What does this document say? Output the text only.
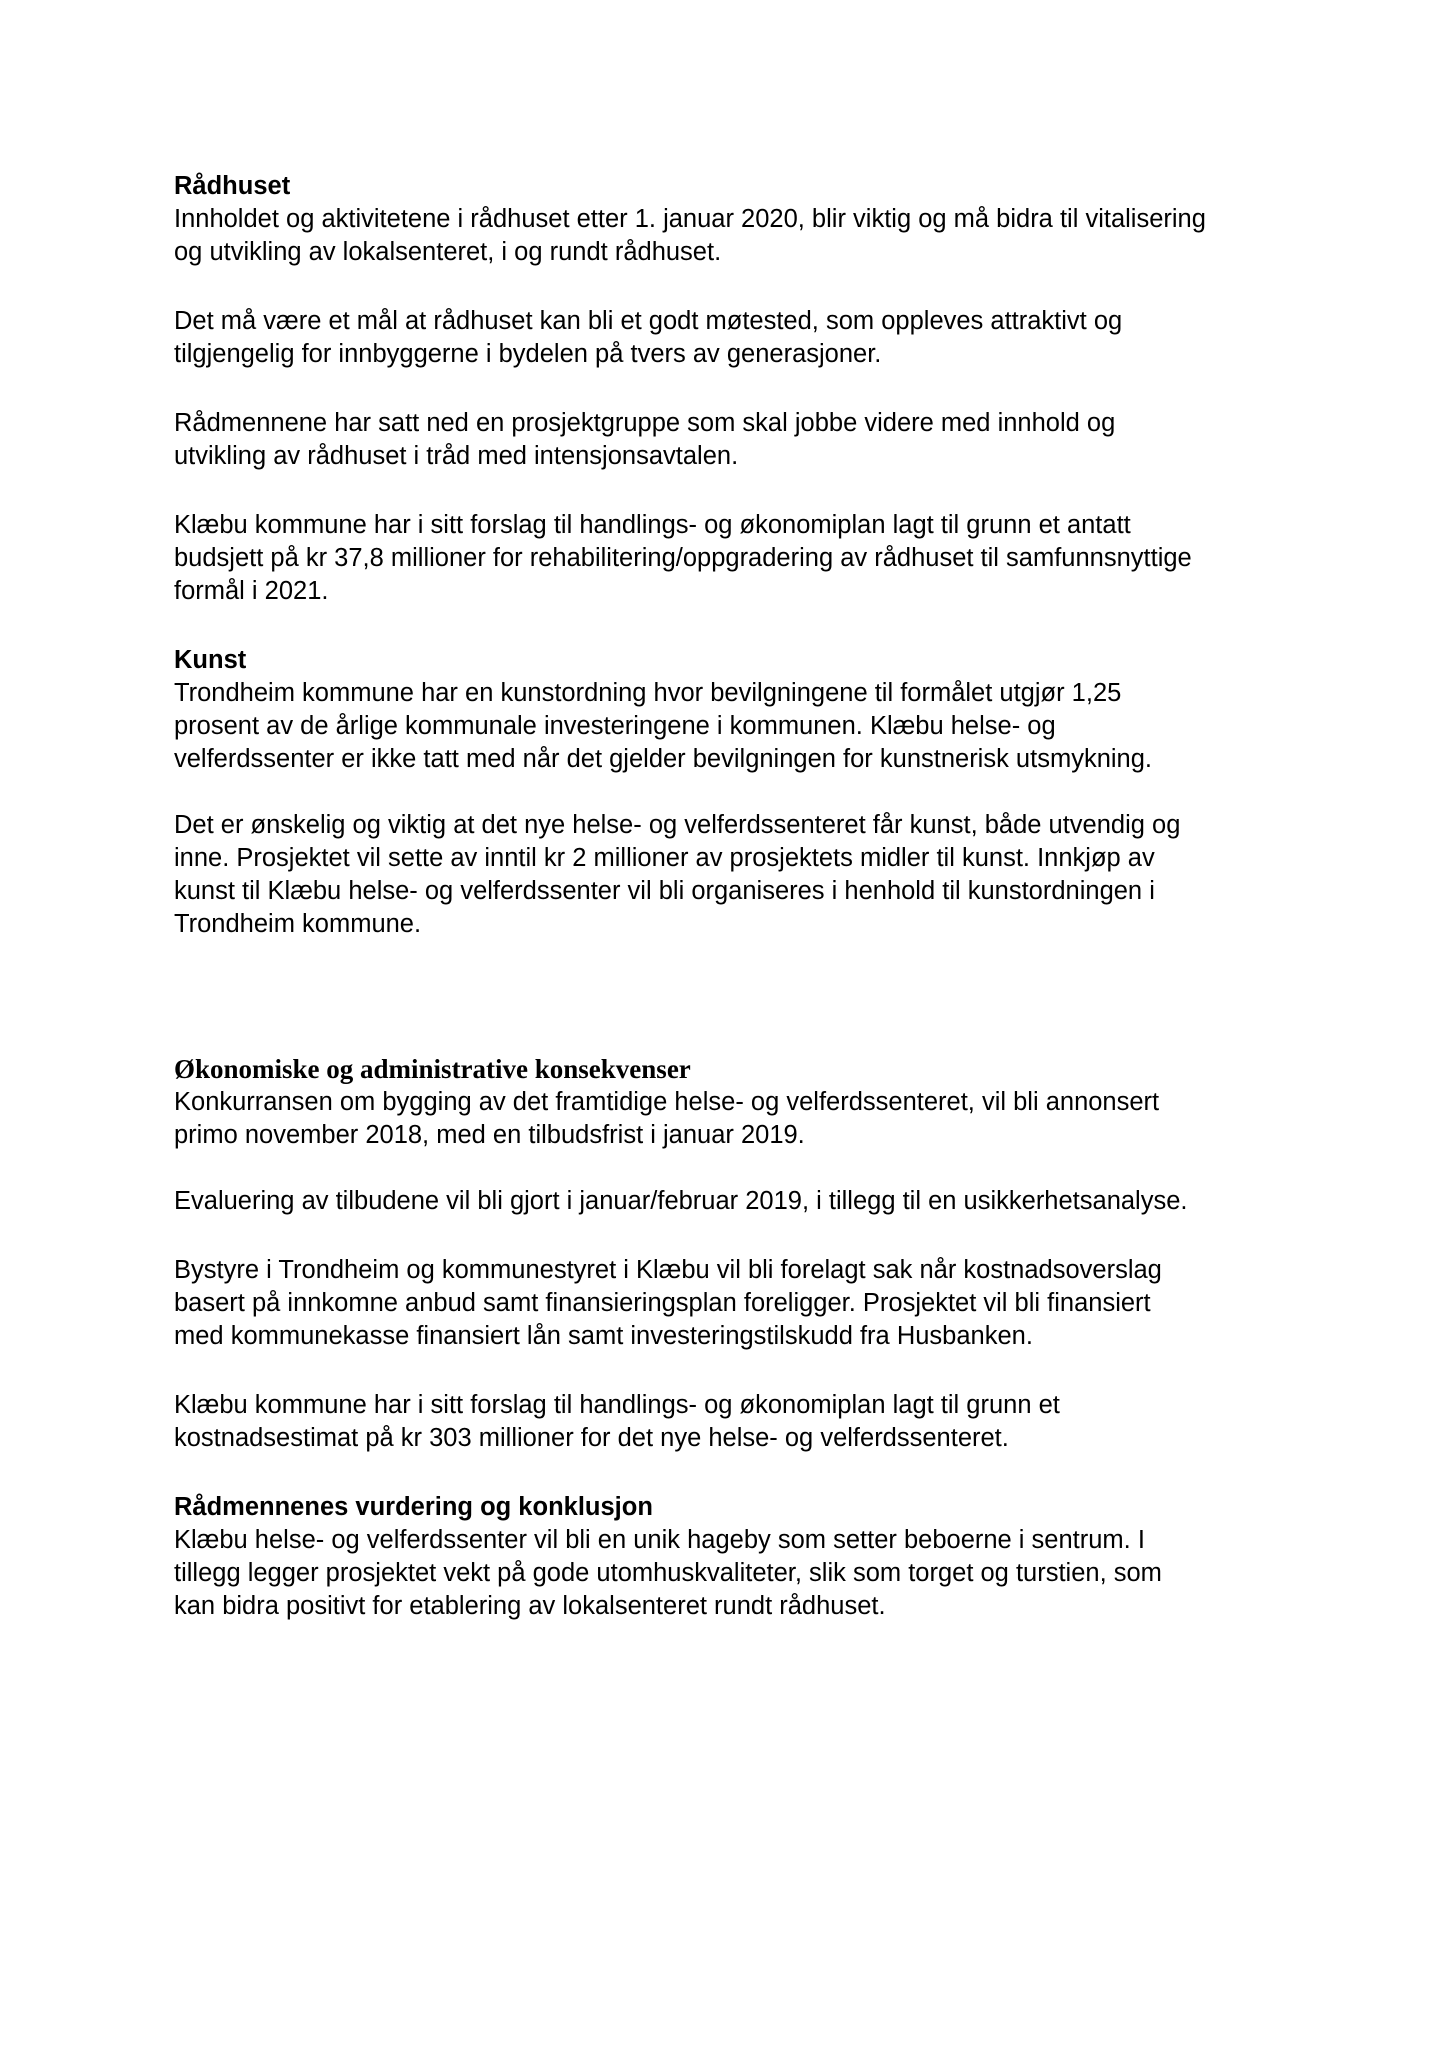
Rådhuset

Innholdet og aktivitetene i rådhuset etter 1. januar 2020, blir viktig og må bidra til vitalisering
og utvikling av lokalsenteret, i og rundt rådhuset.

Det må være et mål at rådhuset kan bli et godt møtested, som oppleves attraktivt og
tilgjengelig for innbyggerne i bydelen på tvers av generasjoner.

Rådmennene har satt ned en prosjektgruppe som skal jobbe videre med innhold og
utvikling av rådhuset i tråd med intensjonsavtalen.

Klæbu kommune har i sitt forslag til handlings- og økonomiplan lagt til grunn et antatt
budsjett på kr 37,8 millioner for rehabilitering/oppgradering av rådhuset til samfunnsnyttige
formål i 2021.

Kunst

Trondheim kommune har en kunstordning hvor bevilgningene til formålet utgjør 1,25
prosent av de årlige kommunale investeringene i kommunen. Klæbu helse- og
velferdssenter er ikke tatt med når det gjelder bevilgningen for kunstnerisk utsmykning.

Det er ønskelig og viktig at det nye helse- og velferdssenteret får kunst, både utvendig og
inne. Prosjektet vil sette av inntil kr 2 millioner av prosjektets midler til kunst. Innkjøp av
kunst til Klæbu helse- og velferdssenter vil bli organiseres i henhold til kunstordningen i
Trondheim kommune.

Økonomiske og administrative konsekvenser

Konkurransen om bygging av det framtidige helse- og velferdssenteret, vil bli annonsert
primo november 2018, med en tilbudsfrist i januar 2019.

Evaluering av tilbudene vil bli gjort i januar/februar 2019, i tillegg til en usikkerhetsanalyse.

Bystyre i Trondheim og kommunestyret i Klæbu vil bli forelagt sak når kostnadsoverslag
basert på innkomne anbud samt finansieringsplan foreligger. Prosjektet vil bli finansiert
med kommunekasse finansiert lån samt investeringstilskudd fra Husbanken.

Klæbu kommune har i sitt forslag til handlings- og økonomiplan lagt til grunn et
kostnadsestimat på kr 303 millioner for det nye helse- og velferdssenteret.

Rådmennenes vurdering og konklusjon

Klæbu helse- og velferdssenter vil bli en unik hageby som setter beboerne i sentrum. I
tillegg legger prosjektet vekt på gode utomhuskvaliteter, slik som torget og turstien, som
kan bidra positivt for etablering av lokalsenteret rundt rådhuset.
